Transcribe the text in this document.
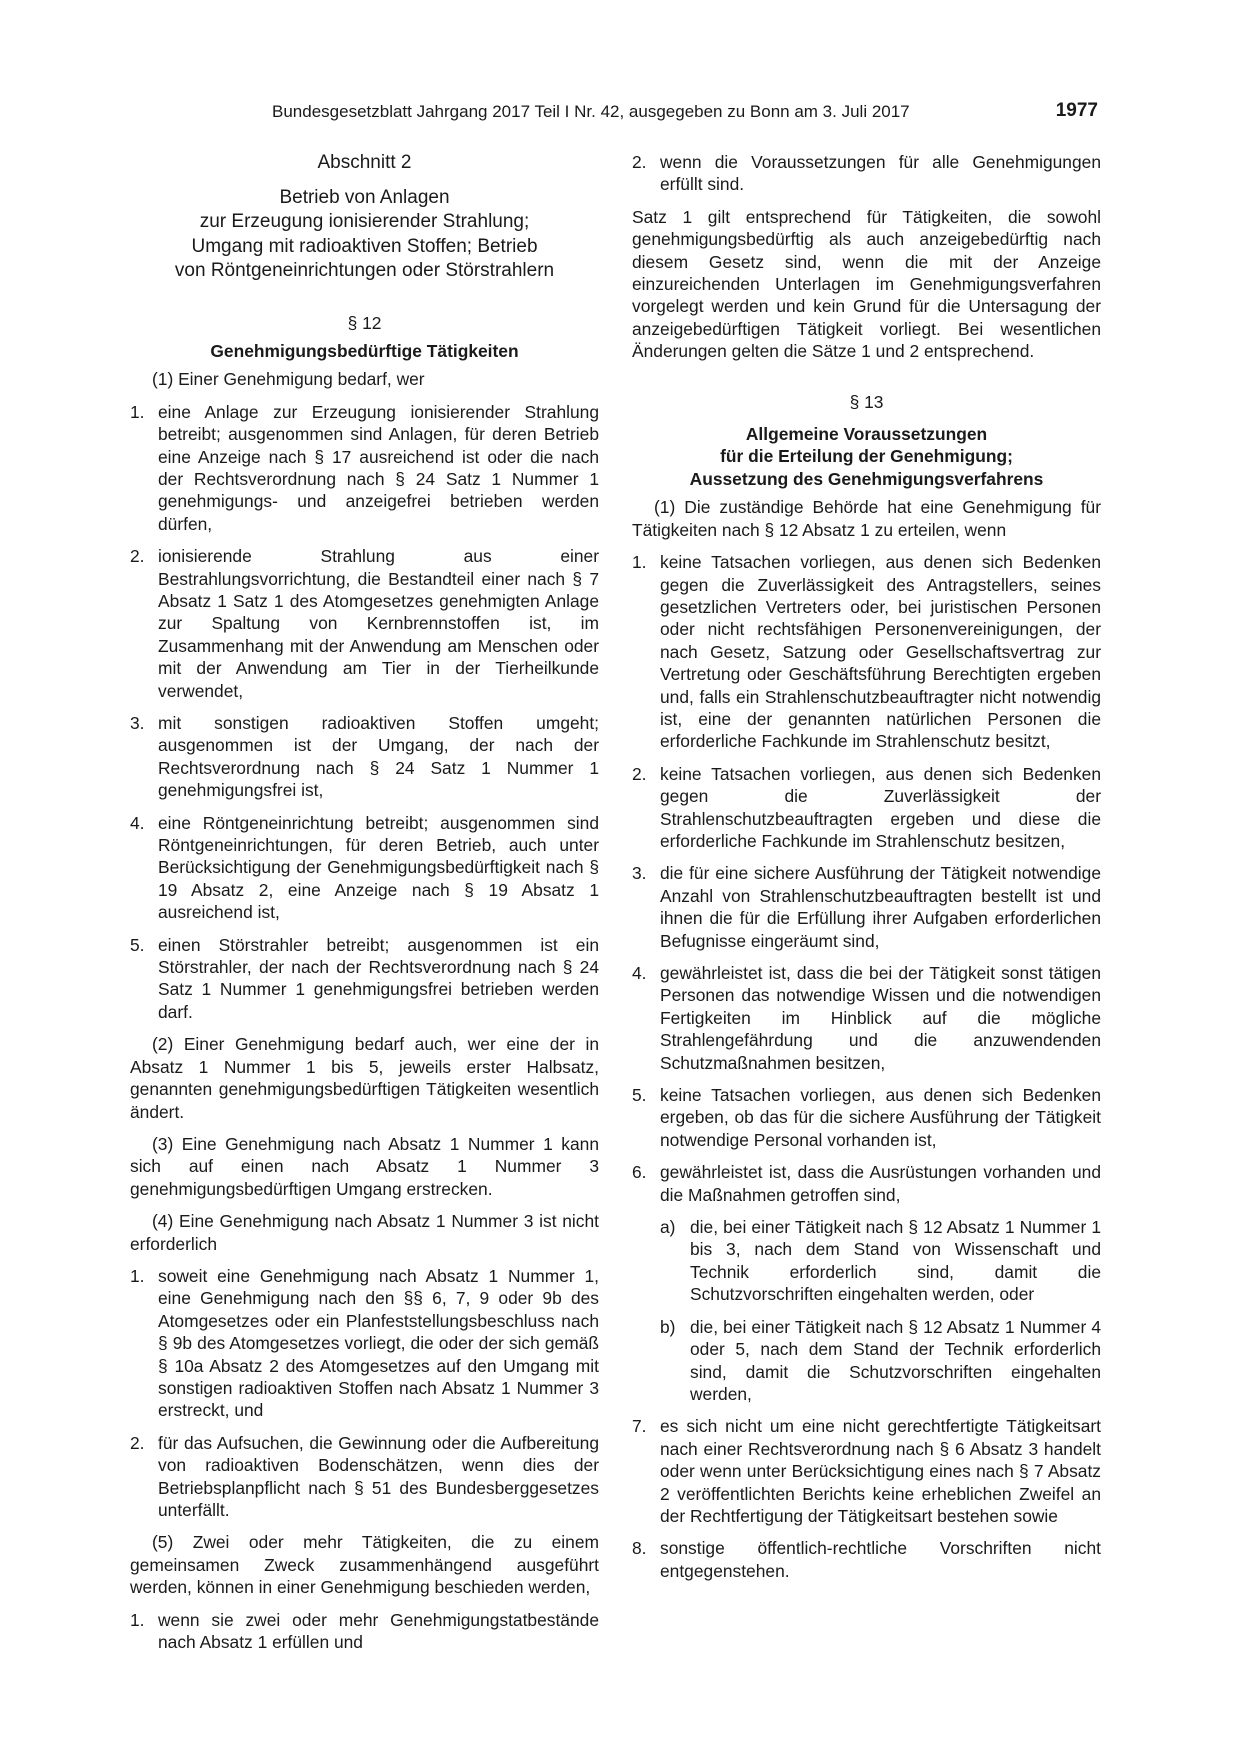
Bundesgesetzblatt Jahrgang 2017 Teil I Nr. 42, ausgegeben zu Bonn am 3. Juli 2017	1977

Abschnitt 2

Betrieb von Anlagen
zur Erzeugung ionisierender Strahlung;
Umgang mit radioaktiven Stoffen; Betrieb
von Röntgeneinrichtungen oder Störstrahlern

§ 12

Genehmigungsbedürftige Tätigkeiten

(1) Einer Genehmigung bedarf, wer

1. eine Anlage zur Erzeugung ionisierender Strahlung betreibt; ausgenommen sind Anlagen, für deren Betrieb eine Anzeige nach § 17 ausreichend ist oder die nach der Rechtsverordnung nach § 24 Satz 1 Nummer 1 genehmigungs- und anzeigefrei betrieben werden dürfen,
2. ionisierende Strahlung aus einer Bestrahlungsvorrichtung, die Bestandteil einer nach § 7 Absatz 1 Satz 1 des Atomgesetzes genehmigten Anlage zur Spaltung von Kernbrennstoffen ist, im Zusammenhang mit der Anwendung am Menschen oder mit der Anwendung am Tier in der Tierheilkunde verwendet,
3. mit sonstigen radioaktiven Stoffen umgeht; ausgenommen ist der Umgang, der nach der Rechtsverordnung nach § 24 Satz 1 Nummer 1 genehmigungsfrei ist,
4. eine Röntgeneinrichtung betreibt; ausgenommen sind Röntgeneinrichtungen, für deren Betrieb, auch unter Berücksichtigung der Genehmigungsbedürftigkeit nach § 19 Absatz 2, eine Anzeige nach § 19 Absatz 1 ausreichend ist,
5. einen Störstrahler betreibt; ausgenommen ist ein Störstrahler, der nach der Rechtsverordnung nach § 24 Satz 1 Nummer 1 genehmigungsfrei betrieben werden darf.

(2) Einer Genehmigung bedarf auch, wer eine der in Absatz 1 Nummer 1 bis 5, jeweils erster Halbsatz, genannten genehmigungsbedürftigen Tätigkeiten wesentlich ändert.

(3) Eine Genehmigung nach Absatz 1 Nummer 1 kann sich auf einen nach Absatz 1 Nummer 3 genehmigungsbedürftigen Umgang erstrecken.

(4) Eine Genehmigung nach Absatz 1 Nummer 3 ist nicht erforderlich

1. soweit eine Genehmigung nach Absatz 1 Nummer 1, eine Genehmigung nach den §§ 6, 7, 9 oder 9b des Atomgesetzes oder ein Planfeststellungsbeschluss nach § 9b des Atomgesetzes vorliegt, die oder der sich gemäß § 10a Absatz 2 des Atomgesetzes auf den Umgang mit sonstigen radioaktiven Stoffen nach Absatz 1 Nummer 3 erstreckt, und
2. für das Aufsuchen, die Gewinnung oder die Aufbereitung von radioaktiven Bodenschätzen, wenn dies der Betriebsplanpflicht nach § 51 des Bundesberggesetzes unterfällt.

(5) Zwei oder mehr Tätigkeiten, die zu einem gemeinsamen Zweck zusammenhängend ausgeführt werden, können in einer Genehmigung beschieden werden,

1. wenn sie zwei oder mehr Genehmigungstatbestände nach Absatz 1 erfüllen und
2. wenn die Voraussetzungen für alle Genehmigungen erfüllt sind.

Satz 1 gilt entsprechend für Tätigkeiten, die sowohl genehmigungsbedürftig als auch anzeigebedürftig nach diesem Gesetz sind, wenn die mit der Anzeige einzureichenden Unterlagen im Genehmigungsverfahren vorgelegt werden und kein Grund für die Untersagung der anzeigebedürftigen Tätigkeit vorliegt. Bei wesentlichen Änderungen gelten die Sätze 1 und 2 entsprechend.

§ 13

Allgemeine Voraussetzungen
für die Erteilung der Genehmigung;
Aussetzung des Genehmigungsverfahrens

(1) Die zuständige Behörde hat eine Genehmigung für Tätigkeiten nach § 12 Absatz 1 zu erteilen, wenn

1. keine Tatsachen vorliegen, aus denen sich Bedenken gegen die Zuverlässigkeit des Antragstellers, seines gesetzlichen Vertreters oder, bei juristischen Personen oder nicht rechtsfähigen Personenvereinigungen, der nach Gesetz, Satzung oder Gesellschaftsvertrag zur Vertretung oder Geschäftsführung Berechtigten ergeben und, falls ein Strahlenschutzbeauftragter nicht notwendig ist, eine der genannten natürlichen Personen die erforderliche Fachkunde im Strahlenschutz besitzt,
2. keine Tatsachen vorliegen, aus denen sich Bedenken gegen die Zuverlässigkeit der Strahlenschutzbeauftragten ergeben und diese die erforderliche Fachkunde im Strahlenschutz besitzen,
3. die für eine sichere Ausführung der Tätigkeit notwendige Anzahl von Strahlenschutzbeauftragten bestellt ist und ihnen die für die Erfüllung ihrer Aufgaben erforderlichen Befugnisse eingeräumt sind,
4. gewährleistet ist, dass die bei der Tätigkeit sonst tätigen Personen das notwendige Wissen und die notwendigen Fertigkeiten im Hinblick auf die mögliche Strahlengefährdung und die anzuwendenden Schutzmaßnahmen besitzen,
5. keine Tatsachen vorliegen, aus denen sich Bedenken ergeben, ob das für die sichere Ausführung der Tätigkeit notwendige Personal vorhanden ist,
6. gewährleistet ist, dass die Ausrüstungen vorhanden und die Maßnahmen getroffen sind,
a) die, bei einer Tätigkeit nach § 12 Absatz 1 Nummer 1 bis 3, nach dem Stand von Wissenschaft und Technik erforderlich sind, damit die Schutzvorschriften eingehalten werden, oder
b) die, bei einer Tätigkeit nach § 12 Absatz 1 Nummer 4 oder 5, nach dem Stand der Technik erforderlich sind, damit die Schutzvorschriften eingehalten werden,
7. es sich nicht um eine nicht gerechtfertigte Tätigkeitsart nach einer Rechtsverordnung nach § 6 Absatz 3 handelt oder wenn unter Berücksichtigung eines nach § 7 Absatz 2 veröffentlichten Berichts keine erheblichen Zweifel an der Rechtfertigung der Tätigkeitsart bestehen sowie
8. sonstige öffentlich-rechtliche Vorschriften nicht entgegenstehen.
